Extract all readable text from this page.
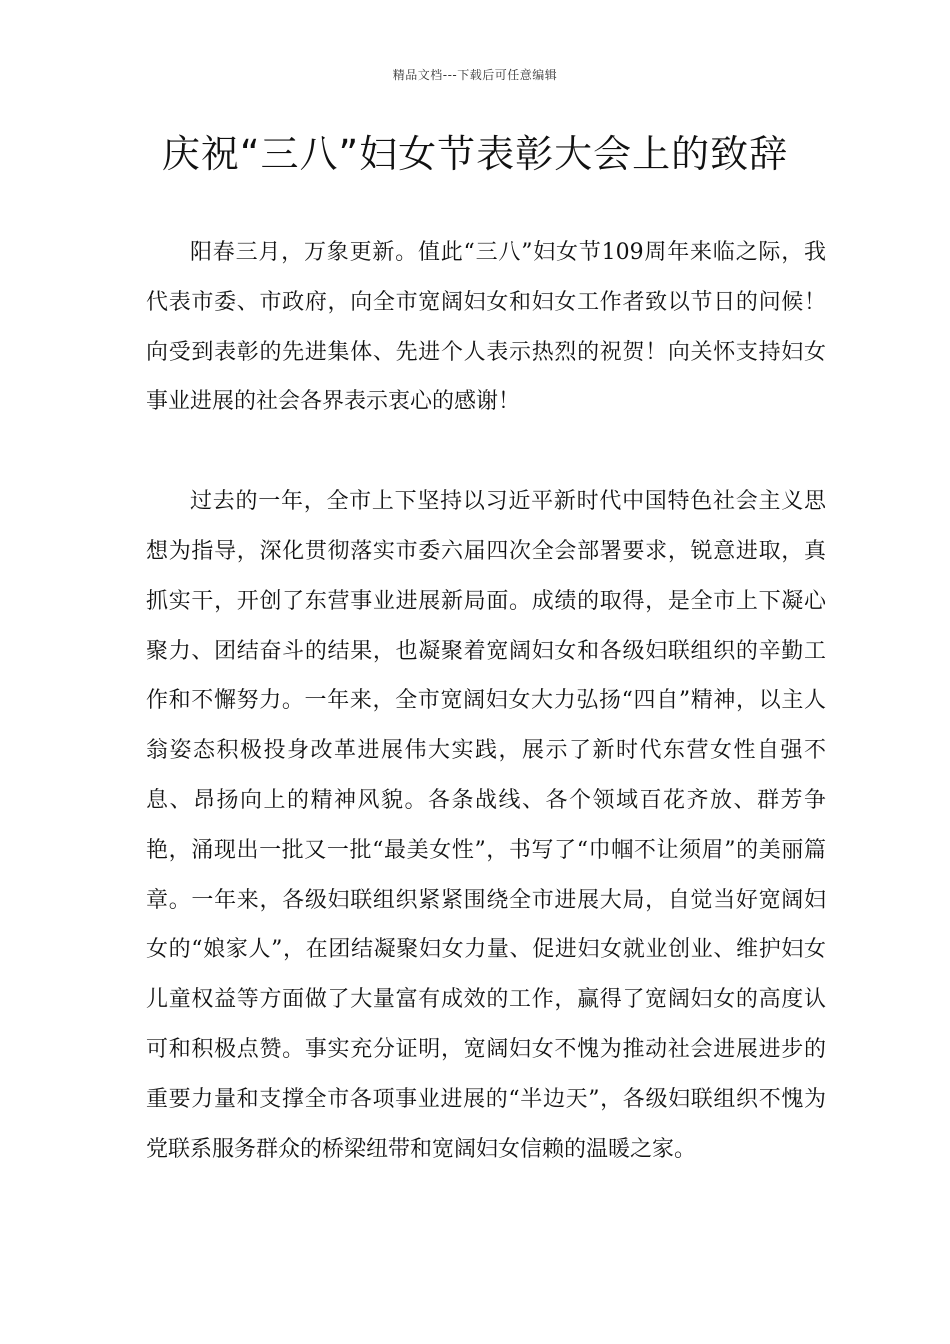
精品文档---下载后可任意编辑
庆祝“三八”妇女节表彰大会上的致辞

阳春三月，万象更新。值此“三八”妇女节109周年来临之际，我代表市委、市政府，向全市宽阔妇女和妇女工作者致以节日的问候！向受到表彰的先进集体、先进个人表示热烈的祝贺！向关怀支持妇女事业进展的社会各界表示衷心的感谢！

过去的一年，全市上下坚持以习近平新时代中国特色社会主义思想为指导，深化贯彻落实市委六届四次全会部署要求，锐意进取，真抓实干，开创了东营事业进展新局面。成绩的取得，是全市上下凝心聚力、团结奋斗的结果，也凝聚着宽阔妇女和各级妇联组织的辛勤工作和不懈努力。一年来，全市宽阔妇女大力弘扬“四自”精神，以主人翁姿态积极投身改革进展伟大实践，展示了新时代东营女性自强不息、昂扬向上的精神风貌。各条战线、各个领域百花齐放、群芳争艳，涌现出一批又一批“最美女性”，书写了“巾帼不让须眉”的美丽篇章。一年来，各级妇联组织紧紧围绕全市进展大局，自觉当好宽阔妇女的“娘家人”，在团结凝聚妇女力量、促进妇女就业创业、维护妇女儿童权益等方面做了大量富有成效的工作，赢得了宽阔妇女的高度认可和积极点赞。事实充分证明，宽阔妇女不愧为推动社会进展进步的重要力量和支撑全市各项事业进展的“半边天”，各级妇联组织不愧为党联系服务群众的桥梁纽带和宽阔妇女信赖的温暖之家。
